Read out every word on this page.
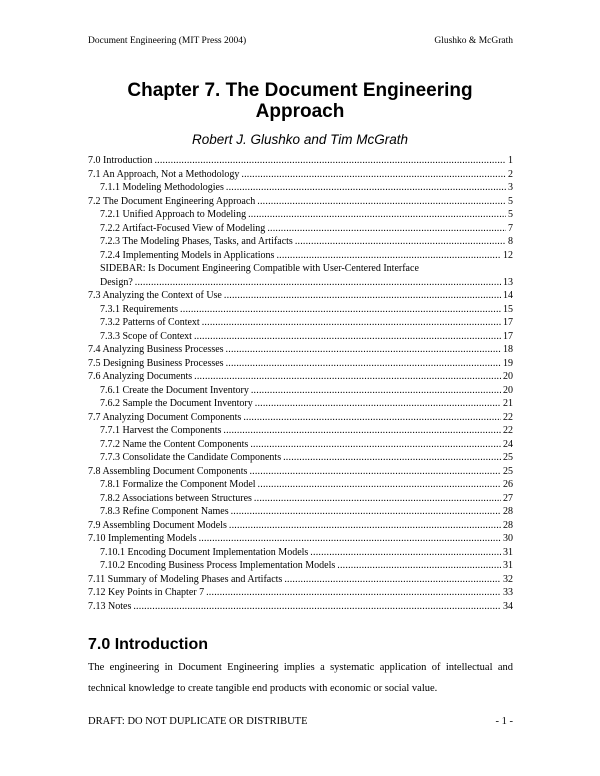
Document Engineering (MIT Press 2004)	Glushko & McGrath
Chapter 7. The Document Engineering
Approach
Robert J. Glushko and Tim McGrath
7.0 Introduction .....	1
7.1 An Approach, Not a Methodology .....	2
7.1.1 Modeling Methodologies .....	3
7.2 The Document Engineering Approach .....	5
7.2.1 Unified Approach to Modeling .....	5
7.2.2 Artifact-Focused View of Modeling .....	7
7.2.3 The Modeling Phases, Tasks, and Artifacts .....	8
7.2.4 Implementing Models in Applications .....	12
SIDEBAR: Is Document Engineering Compatible with User-Centered Interface
Design? .....	13
7.3 Analyzing the Context of Use .....	14
7.3.1 Requirements .....	15
7.3.2 Patterns of Context .....	17
7.3.3 Scope of Context .....	17
7.4 Analyzing Business Processes .....	18
7.5 Designing Business Processes .....	19
7.6 Analyzing Documents .....	20
7.6.1 Create the Document Inventory .....	20
7.6.2 Sample the Document Inventory .....	21
7.7 Analyzing Document Components .....	22
7.7.1 Harvest the Components .....	22
7.7.2 Name the Content Components .....	24
7.7.3 Consolidate the Candidate Components .....	25
7.8 Assembling Document Components .....	25
7.8.1 Formalize the Component Model .....	26
7.8.2 Associations between Structures .....	27
7.8.3 Refine Component Names .....	28
7.9 Assembling Document Models .....	28
7.10 Implementing Models .....	30
7.10.1 Encoding Document Implementation Models .....	31
7.10.2 Encoding Business Process Implementation Models .....	31
7.11 Summary of Modeling Phases and Artifacts .....	32
7.12 Key Points in Chapter 7 .....	33
7.13 Notes .....	34
7.0 Introduction
The engineering in Document Engineering implies a systematic application of intellectual and technical knowledge to create tangible end products with economic or social value.
DRAFT: DO NOT DUPLICATE OR DISTRIBUTE	- 1 -
